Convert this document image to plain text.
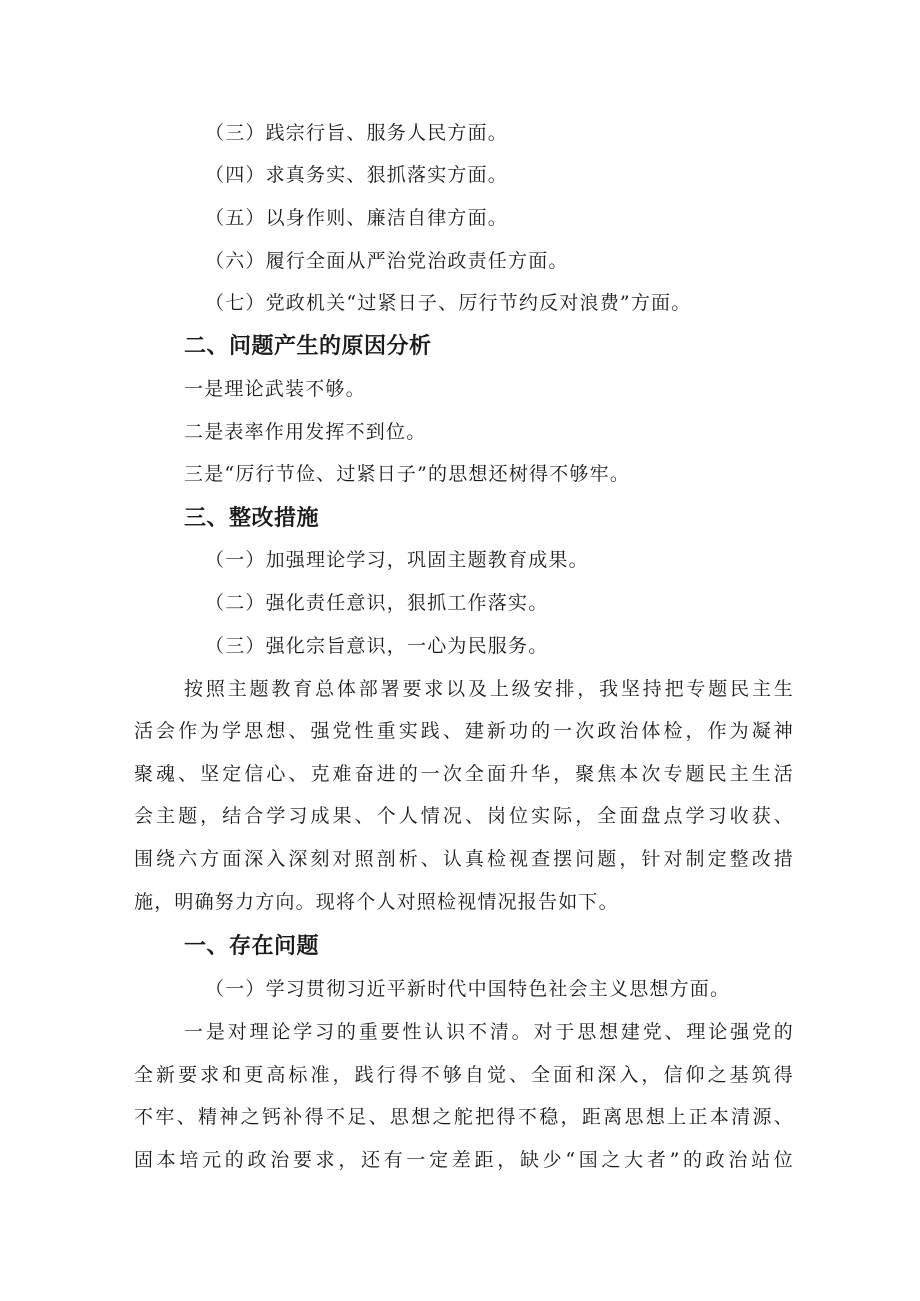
（三）践宗行旨、服务人民方面。
（四）求真务实、狠抓落实方面。
（五）以身作则、廉洁自律方面。
（六）履行全面从严治党治政责任方面。
（七）党政机关“过紧日子、厉行节约反对浪费”方面。
二、问题产生的原因分析
一是理论武装不够。
二是表率作用发挥不到位。
三是“厉行节俭、过紧日子”的思想还树得不够牢。
三、整改措施
（一）加强理论学习，巩固主题教育成果。
（二）强化责任意识，狠抓工作落实。
（三）强化宗旨意识，一心为民服务。
按照主题教育总体部署要求以及上级安排，我坚持把专题民主生
活会作为学思想、强党性重实践、建新功的一次政治体检，作为凝神
聚魂、坚定信心、克难奋进的一次全面升华，聚焦本次专题民主生活
会主题，结合学习成果、个人情况、岗位实际，全面盘点学习收获、
围绕六方面深入深刻对照剖析、认真检视查摆问题，针对制定整改措
施，明确努力方向。现将个人对照检视情况报告如下。
一、存在问题
（一）学习贯彻习近平新时代中国特色社会主义思想方面。
一是对理论学习的重要性认识不清。对于思想建党、理论强党的
全新要求和更高标准，践行得不够自觉、全面和深入，信仰之基筑得
不牢、精神之钙补得不足、思想之舵把得不稳，距离思想上正本清源、
固本培元的政治要求，还有一定差距，缺少“国之大者”的政治站位
